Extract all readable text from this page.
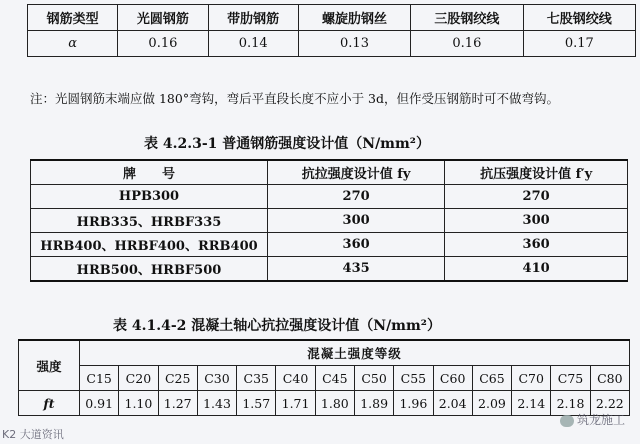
钢筋类型	光圆钢筋	带肋钢筋	螺旋肋钢丝	三股钢绞线	七股钢绞线
α	0.16	0.14	0.13	0.16	0.17
注：光圆钢筋末端应做 180°弯钩，弯后平直段长度不应小于 3d，但作受压钢筋时可不做弯钩。
表 4.2.3-1 普通钢筋强度设计值（N/mm²）
牌　　号	抗拉强度设计值 fy	抗压强度设计值 f′y
HPB300	270	270
HRB335、HRBF335	300	300
HRB400、HRBF400、RRB400	360	360
HRB500、HRBF500	435	410
表 4.1.4-2 混凝土轴心抗拉强度设计值（N/mm²）
强度	混凝土强度等级													
	C15	C20	C25	C30	C35	C40	C45	C50	C55	C60	C65	C70	C75	C80
ft	0.91	1.10	1.27	1.43	1.57	1.71	1.80	1.89	1.96	2.04	2.09	2.14	2.18	2.22
K2 大道资讯
筑龙施工
